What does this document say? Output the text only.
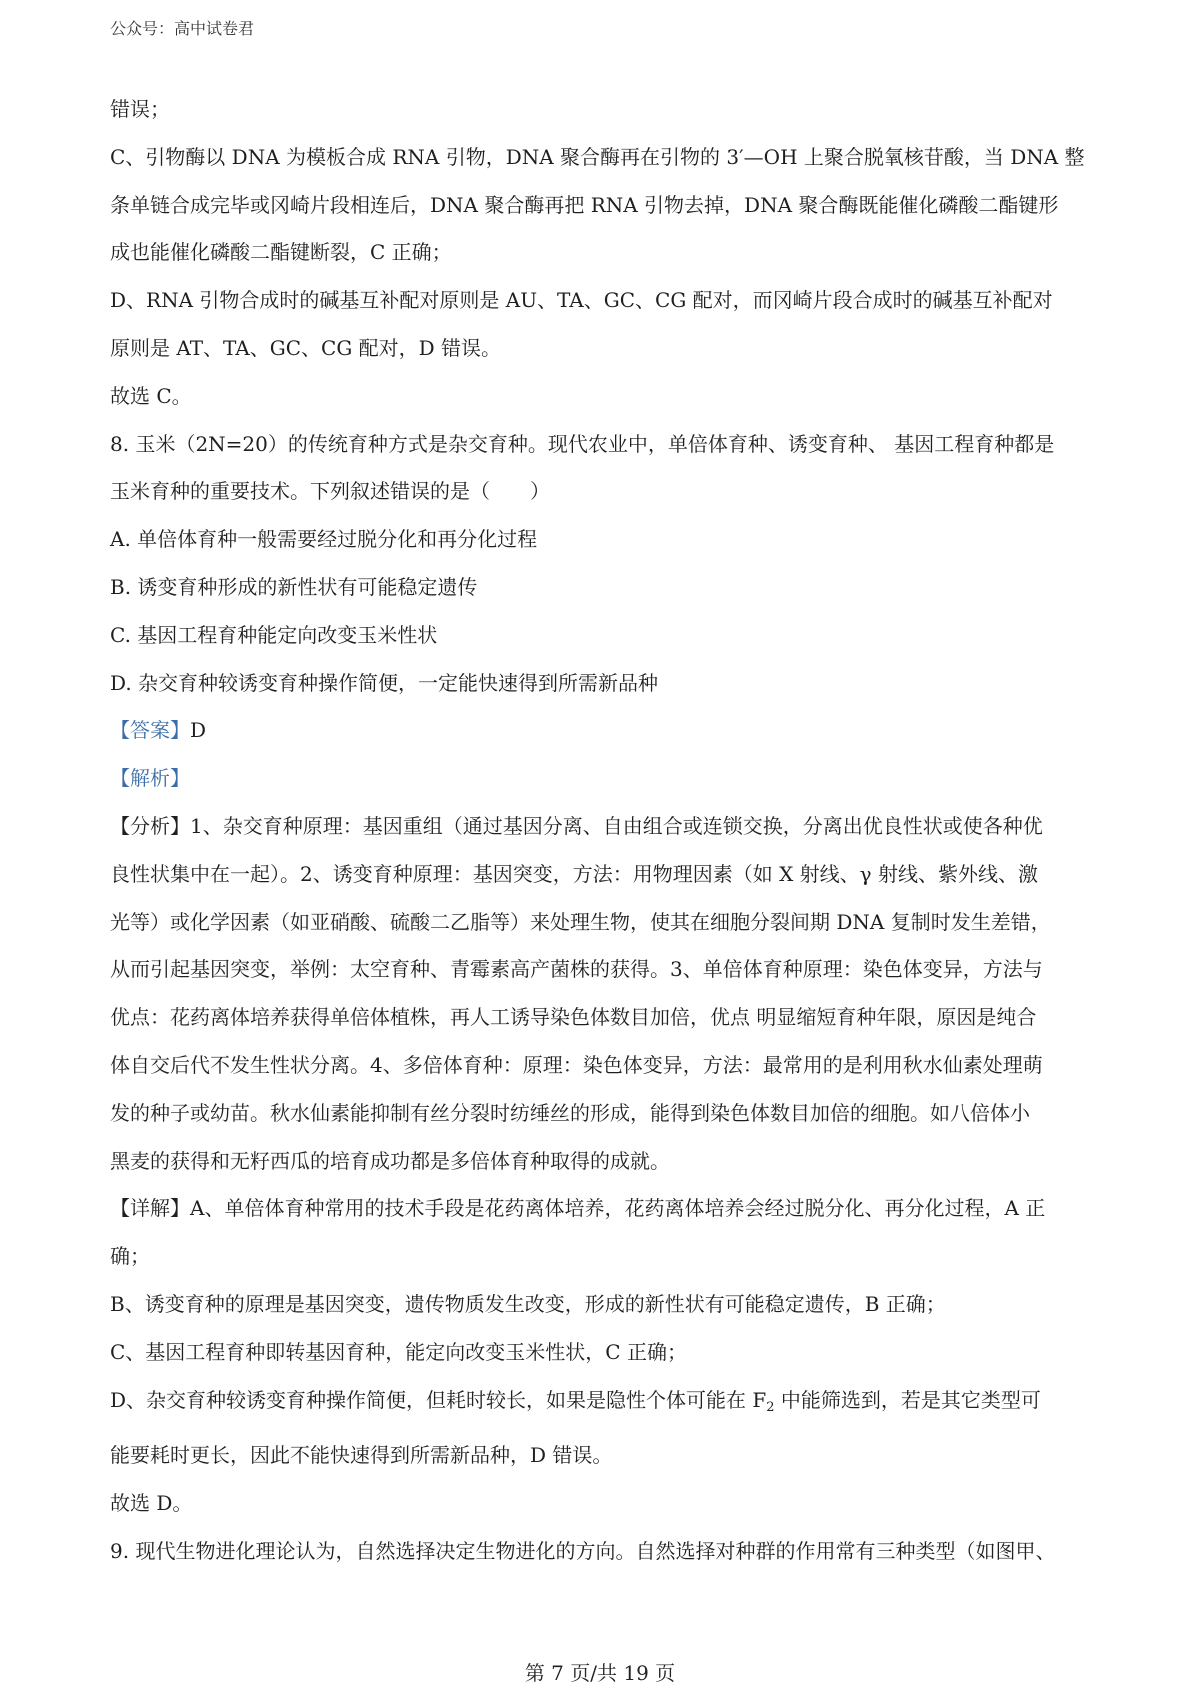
公众号：高中试卷君
错误；
C、引物酶以 DNA 为模板合成 RNA 引物，DNA 聚合酶再在引物的 3′—OH 上聚合脱氧核苷酸，当 DNA 整
条单链合成完毕或冈崎片段相连后，DNA 聚合酶再把 RNA 引物去掉，DNA 聚合酶既能催化磷酸二酯键形
成也能催化磷酸二酯键断裂，C 正确；
D、RNA 引物合成时的碱基互补配对原则是 AU、TA、GC、CG 配对，而冈崎片段合成时的碱基互补配对
原则是 AT、TA、GC、CG 配对，D 错误。
故选 C。
8. 玉米（2N=20）的传统育种方式是杂交育种。现代农业中，单倍体育种、诱变育种、 基因工程育种都是
玉米育种的重要技术。下列叙述错误的是（　　）
A. 单倍体育种一般需要经过脱分化和再分化过程
B. 诱变育种形成的新性状有可能稳定遗传
C. 基因工程育种能定向改变玉米性状
D. 杂交育种较诱变育种操作简便，一定能快速得到所需新品种
【答案】D
【解析】
【分析】1、杂交育种原理：基因重组（通过基因分离、自由组合或连锁交换，分离出优良性状或使各种优
良性状集中在一起）。2、诱变育种原理：基因突变，方法：用物理因素（如 X 射线、γ 射线、紫外线、激
光等）或化学因素（如亚硝酸、硫酸二乙脂等）来处理生物，使其在细胞分裂间期 DNA 复制时发生差错，
从而引起基因突变，举例：太空育种、青霉素高产菌株的获得。3、单倍体育种原理：染色体变异，方法与
优点：花药离体培养获得单倍体植株，再人工诱导染色体数目加倍，优点 明显缩短育种年限，原因是纯合
体自交后代不发生性状分离。4、多倍体育种：原理：染色体变异，方法：最常用的是利用秋水仙素处理萌
发的种子或幼苗。秋水仙素能抑制有丝分裂时纺缍丝的形成，能得到染色体数目加倍的细胞。如八倍体小
黑麦的获得和无籽西瓜的培育成功都是多倍体育种取得的成就。
【详解】A、单倍体育种常用的技术手段是花药离体培养，花药离体培养会经过脱分化、再分化过程，A 正
确；
B、诱变育种的原理是基因突变，遗传物质发生改变，形成的新性状有可能稳定遗传，B 正确；
C、基因工程育种即转基因育种，能定向改变玉米性状，C 正确；
D、杂交育种较诱变育种操作简便，但耗时较长，如果是隐性个体可能在 $F_2$ 中能筛选到，若是其它类型可
能要耗时更长，因此不能快速得到所需新品种，D 错误。
故选 D。
9. 现代生物进化理论认为，自然选择决定生物进化的方向。自然选择对种群的作用常有三种类型（如图甲、
第 7 页/共 19 页
